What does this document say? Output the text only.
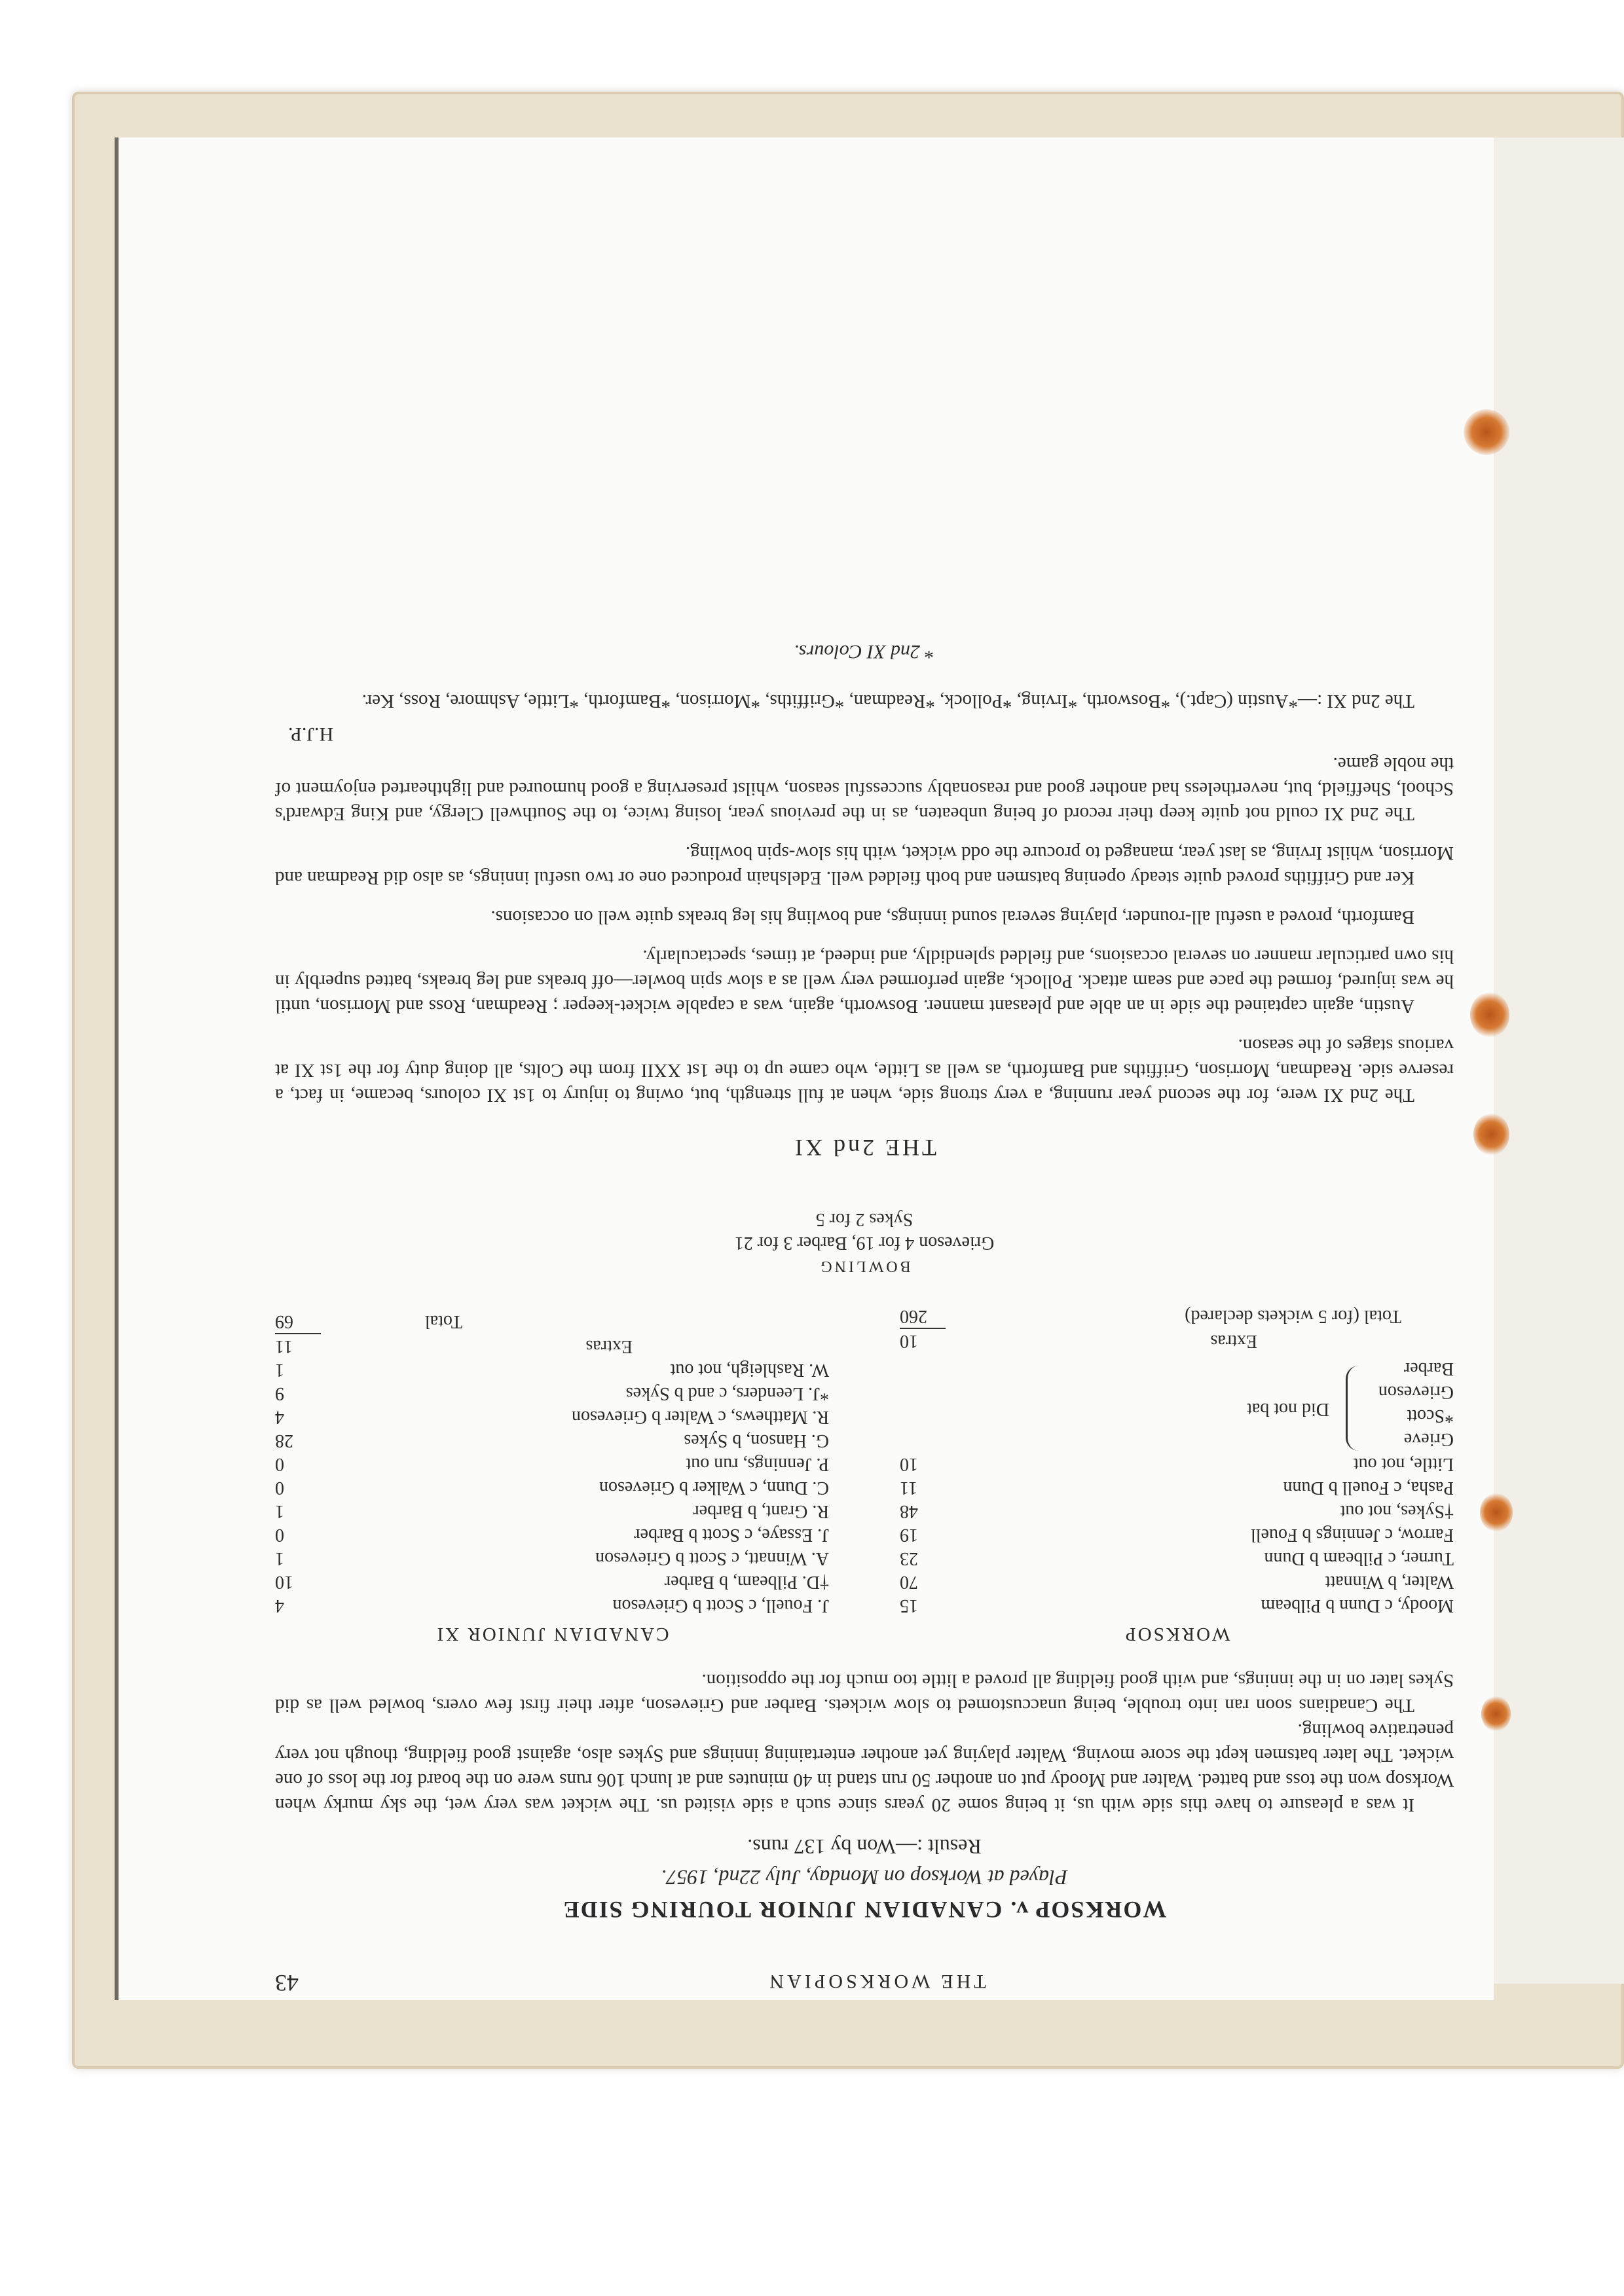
THE WORKSOPIAN
43
WORKSOP v. CANADIAN JUNIOR TOURING SIDE
Played at Worksop on Monday, July 22nd, 1957.
Result :—Won by 137 runs.

It was a pleasure to have this side with us, it being some 20 years since such a side visited us. The wicket was very wet, the sky murky when Worksop won the toss and batted. Walter and Moody put on another 50 run stand in 40 minutes and at lunch 106 runs were on the board for the loss of one wicket. The later batsmen kept the score moving, Walter playing yet another entertaining innings and Sykes also, against good fielding, though not very penetrative bowling.

The Canadians soon ran into trouble, being unaccustomed to slow wickets. Barber and Grieveson, after their first few overs, bowled well as did Sykes later on in the innings, and with good fielding all proved a little too much for the opposition.

WORKSOP
Moody, c Dunn b Pilbeam
15
Walter, b Winnatt
70
Turner, c Pilbeam b Dunn
23
Farrow, c Jennings b Fouell
19
†Sykes, not out
48
Pasha, c Fouell b Dunn
11
Little, not out
10
Grieve
*Scott
Grieveson
Barber
Did not bat
Extras
10
Total (for 5 wickets declared)
260
CANADIAN JUNIOR XI
J. Fouell, c Scott b Grieveson
4
†D. Pilbeam, b Barber
10
A. Winnatt, c Scott b Grieveson
1
J. Essaye, c Scott b Barber
0
R. Grant, b Barber
1
C. Dunn, c Walker b Grieveson
0
P. Jennings, run out
0
G. Hanson, b Sykes
28
R. Matthews, c Walter b Grieveson
4
*J. Leenders, c and b Sykes
9
W. Rashleigh, not out
1
Extras
11
Total
69
BOWLING
Grieveson 4 for 19, Barber 3 for 21
Sykes 2 for 5
THE 2nd XI

The 2nd XI were, for the second year running, a very strong side, when at full strength, but, owing to injury to 1st XI colours, became, in fact, a reserve side. Readman, Morrison, Griffiths and Bamforth, as well as Little, who came up to the 1st XXII from the Colts, all doing duty for the 1st XI at various stages of the season.

Austin, again captained the side in an able and pleasant manner. Bosworth, again, was a capable wicket-keeper ; Readman, Ross and Morrison, until he was injured, formed the pace and seam attack. Pollock, again performed very well as a slow spin bowler—off breaks and leg breaks, batted superbly in his own particular manner on several occasions, and fielded splendidly, and indeed, at times, spectacularly.

Bamforth, proved a useful all-rounder, playing several sound innings, and bowling his leg breaks quite well on occasions.

Ker and Griffiths proved quite steady opening batsmen and both fielded well. Edelshain produced one or two useful innings, as also did Readman and Morrison, whilst Irving, as last year, managed to procure the odd wicket, with his slow-spin bowling.

The 2nd XI could not quite keep their record of being unbeaten, as in the previous year, losing twice, to the Southwell Clergy, and King Edward's School, Sheffield, but, nevertheless had another good and reasonably successful season, whilst preserving a good humoured and lighthearted enjoyment of the noble game.

H.J.P.
The 2nd XI :—*Austin (Capt.), *Bosworth, *Irving, *Pollock, *Readman, *Griffiths, *Morrison, *Bamforth, *Little, Ashmore, Ross, Ker.
* 2nd XI Colours.
